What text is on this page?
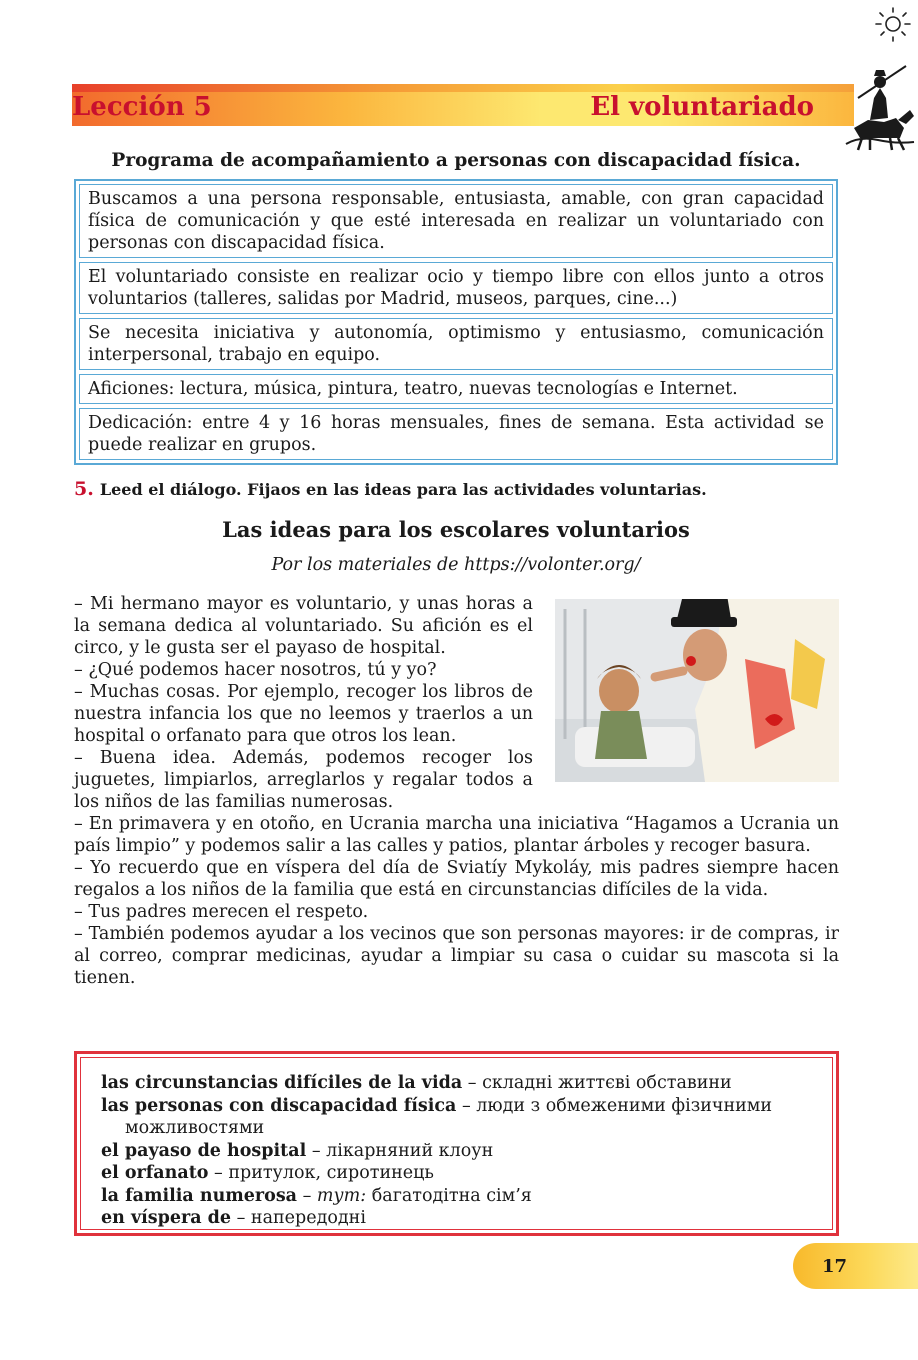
Lección 5	El voluntariado
Programa de acompañamiento a personas con discapacidad física.
Buscamos a una persona responsable, entusiasta, amable, con gran capacidad física de comunicación y que esté interesada en realizar un voluntariado con personas con discapacidad física.
El voluntariado consiste en realizar ocio y tiempo libre con ellos junto a otros voluntarios (talleres, salidas por Madrid, museos, parques, cine...)
Se necesita iniciativa y autonomía, optimismo y entusiasmo, comunicación interpersonal, trabajo en equipo.
Aficiones: lectura, música, pintura, teatro, nuevas tecnologías e Internet.
Dedicación: entre 4 y 16 horas mensuales, fines de semana. Esta actividad se puede realizar en grupos.
5. Leed el diálogo. Fijaos en las ideas para las actividades voluntarias.
Las ideas para los escolares voluntarios
Por los materiales de https://volonter.org/

– Mi hermano mayor es voluntario, y unas horas a la semana dedica al voluntariado. Su afición es el circo, y le gusta ser el payaso de hospital.

– ¿Qué podemos hacer nosotros, tú y yo?

– Muchas cosas. Por ejemplo, recoger los libros de nuestra infancia los que no leemos y traerlos a un hospital o orfanato para que otros los lean.

– Buena idea. Además, podemos recoger los juguetes, limpiarlos, arreglarlos y regalar todos a los niños de las familias numerosas.

– En primavera y en otoño, en Ucrania marcha una iniciativa “Hagamos a Ucrania un país limpio” y podemos salir a las calles y patios, plantar árboles y recoger basura.

– Yo recuerdo que en víspera del día de Sviatíy Mykoláy, mis padres siempre hacen regalos a los niños de la familia que está en circunstancias difíciles de la vida.

– Tus padres merecen el respeto.

– También podemos ayudar a los vecinos que son personas mayores: ir de compras, ir al correo, comprar medicinas, ayudar a limpiar su casa o cuidar su mascota si la tienen.

las circunstancias difíciles de la vida – складні життєві обставини
las personas con discapacidad física – люди з обмеженими фізичними
можливостями
el payaso de hospital – лікарняний клоун
el orfanato – притулок, сиротинець
la familia numerosa – тут: багатодітна сім’я
en víspera de – напередодні
17
